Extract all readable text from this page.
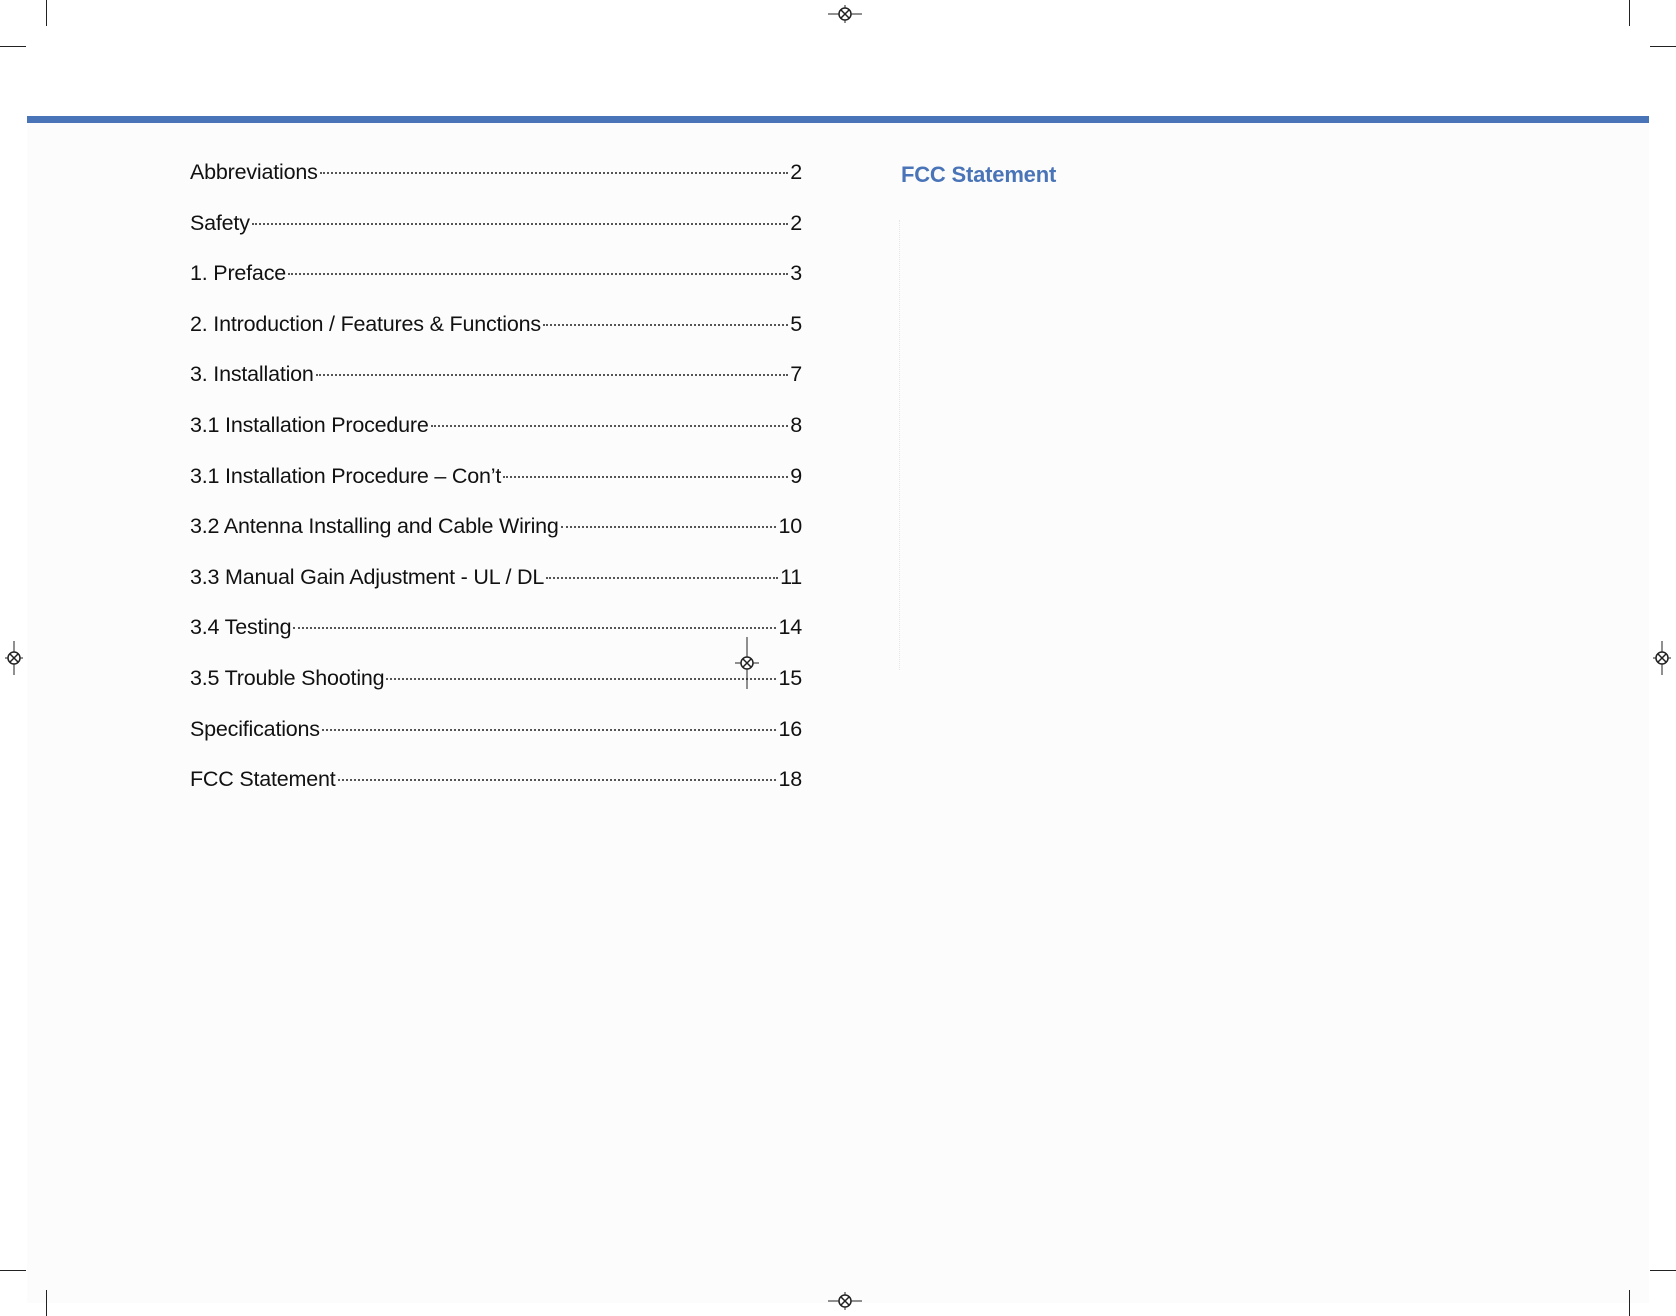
Abbreviations	2
Safety	2
1. Preface	3
2. Introduction / Features & Functions	5
3. Installation	7
3.1 Installation Procedure	8
3.1 Installation Procedure – Con’t	9
3.2 Antenna Installing and Cable Wiring	10
3.3 Manual Gain Adjustment - UL / DL	11
3.4 Testing	14
3.5 Trouble Shooting	15
Specifications	16
FCC Statement	18
FCC Statement
